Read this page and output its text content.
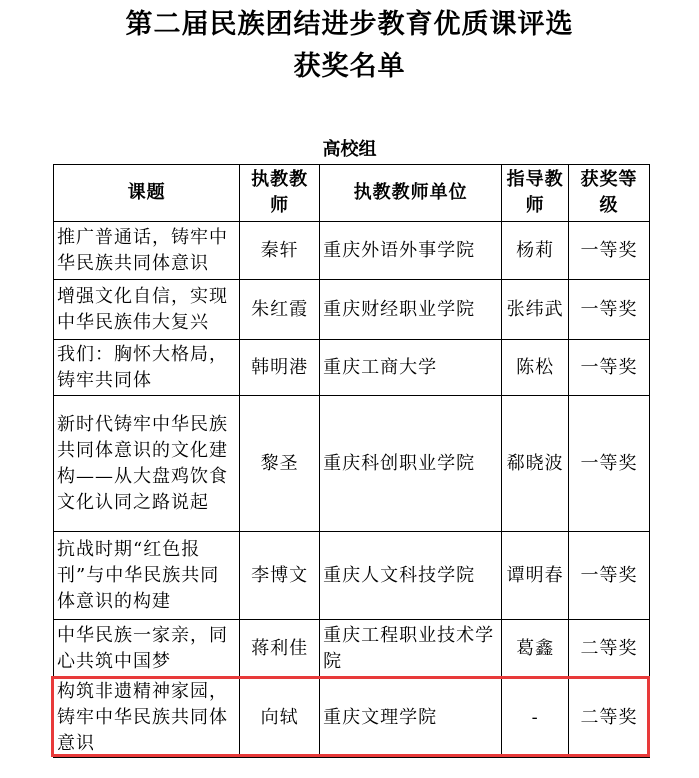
第二届民族团结进步教育优质课评选
获奖名单
高校组
课题	执教教师	执教教师单位	指导教师	获奖等级
推广普通话，铸牢中华民族共同体意识	秦轩	重庆外语外事学院	杨莉	一等奖
增强文化自信，实现中华民族伟大复兴	朱红霞	重庆财经职业学院	张纬武	一等奖
我们：胸怀大格局，铸牢共同体	韩明港	重庆工商大学	陈松	一等奖
新时代铸牢中华民族共同体意识的文化建构——从大盘鸡饮食文化认同之路说起	黎圣	重庆科创职业学院	郗晓波	一等奖
抗战时期“红色报刊”与中华民族共同体意识的构建	李博文	重庆人文科技学院	谭明春	一等奖
中华民族一家亲，同心共筑中国梦	蒋利佳	重庆工程职业技术学院	葛鑫	二等奖
构筑非遗精神家园，铸牢中华民族共同体意识	向轼	重庆文理学院	-	二等奖
